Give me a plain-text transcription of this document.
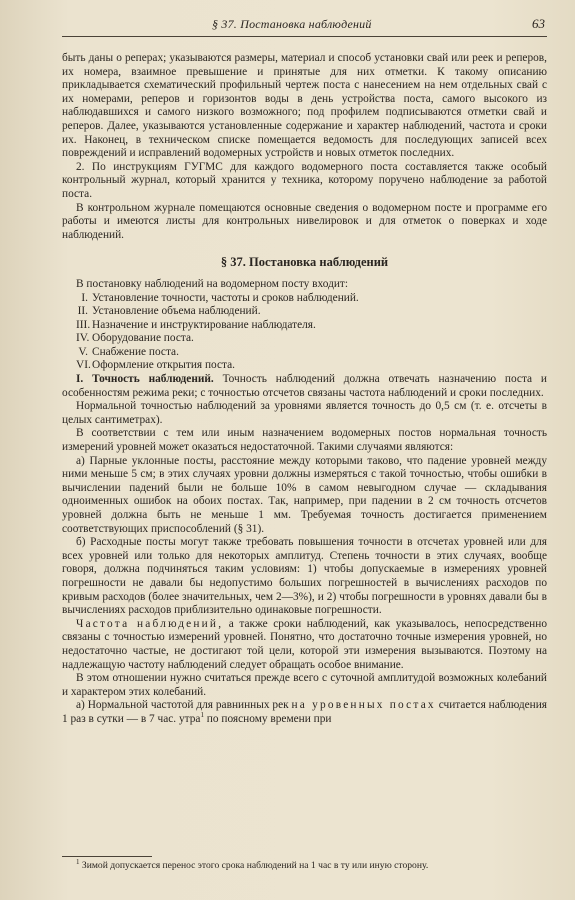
§ 37. Постановка наблюдений	63

быть даны о реперах; указываются размеры, материал и способ установки свай или реек и реперов, их номера, взаимное превышение и принятые для них отметки. К такому описанию прикладывается схематический профильный чертеж поста с нанесением на нем отдельных свай с их номерами, реперов и горизонтов воды в день устройства поста, самого высокого из наблюдавшихся и самого низкого возможного; под профилем подписываются отметки свай и реперов. Далее, указываются установленные содержание и характер наблюдений, частота и сроки их. Наконец, в техническом списке помещается ведомость для последующих записей всех повреждений и исправлений водомерных устройств и новых отметок последних.

2. По инструкциям ГУГМС для каждого водомерного поста составляется также особый контрольный журнал, который хранится у техника, которому поручено наблюдение за работой поста.

В контрольном журнале помещаются основные сведения о водомерном посте и программе его работы и имеются листы для контрольных нивелировок и для отметок о поверках и ходе наблюдений.

§ 37. Постановка наблюдений

В постановку наблюдений на водомерном посту входит:

I. Установление точности, частоты и сроков наблюдений.
II. Установление объема наблюдений.
III. Назначение и инструктирование наблюдателя.
IV. Оборудование поста.
V. Снабжение поста.
VI.Оформление открытия поста.

I. Точность наблюдений. Точность наблюдений должна отвечать назначению поста и особенностям режима реки; с точностью отсчетов связаны частота наблюдений и сроки последних.

Нормальной точностью наблюдений за уровнями является точность до 0,5 см (т. е. отсчеты в целых сантиметрах).

В соответствии с тем или иным назначением водомерных постов нормальная точность измерений уровней может оказаться недостаточной. Такими случаями являются:

а) Парные уклонные посты, расстояние между которыми таково, что падение уровней между ними меньше 5 см; в этих случаях уровни должны измеряться с такой точностью, чтобы ошибки в вычислении падений были не больше 10% в самом невыгодном случае — складывания одноименных ошибок на обоих постах. Так, например, при падении в 2 см точность отсчетов уровней должна быть не меньше 1 мм. Требуемая точность достигается применением соответствующих приспособлений (§ 31).

б) Расходные посты могут также требовать повышения точности в отсчетах уровней или для всех уровней или только для некоторых амплитуд. Степень точности в этих случаях, вообще говоря, должна подчиняться таким условиям: 1) чтобы допускаемые в измерениях уровней погрешности не давали бы недопустимо больших погрешностей в вычислениях расходов по кривым расходов (более значительных, чем 2—3%), и 2) чтобы погрешности в уровнях давали бы в вычислениях расходов приблизительно одинаковые погрешности.

Частота наблюдений, а также сроки наблюдений, как указывалось, непосредственно связаны с точностью измерений уровней. Понятно, что достаточно точные измерения уровней, но недостаточно частые, не достигают той цели, которой эти измерения вызываются. Поэтому на надлежащую частоту наблюдений следует обращать особое внимание.

В этом отношении нужно считаться прежде всего с суточной амплитудой возможных колебаний и характером этих колебаний.

а) Нормальной частотой для равнинных рек на уровенных постах считается наблюдения 1 раз в сутки — в 7 час. утра$^1$ по поясному времени при

$^1$ Зимой допускается перенос этого срока наблюдений на 1 час в ту или иную сторону.
